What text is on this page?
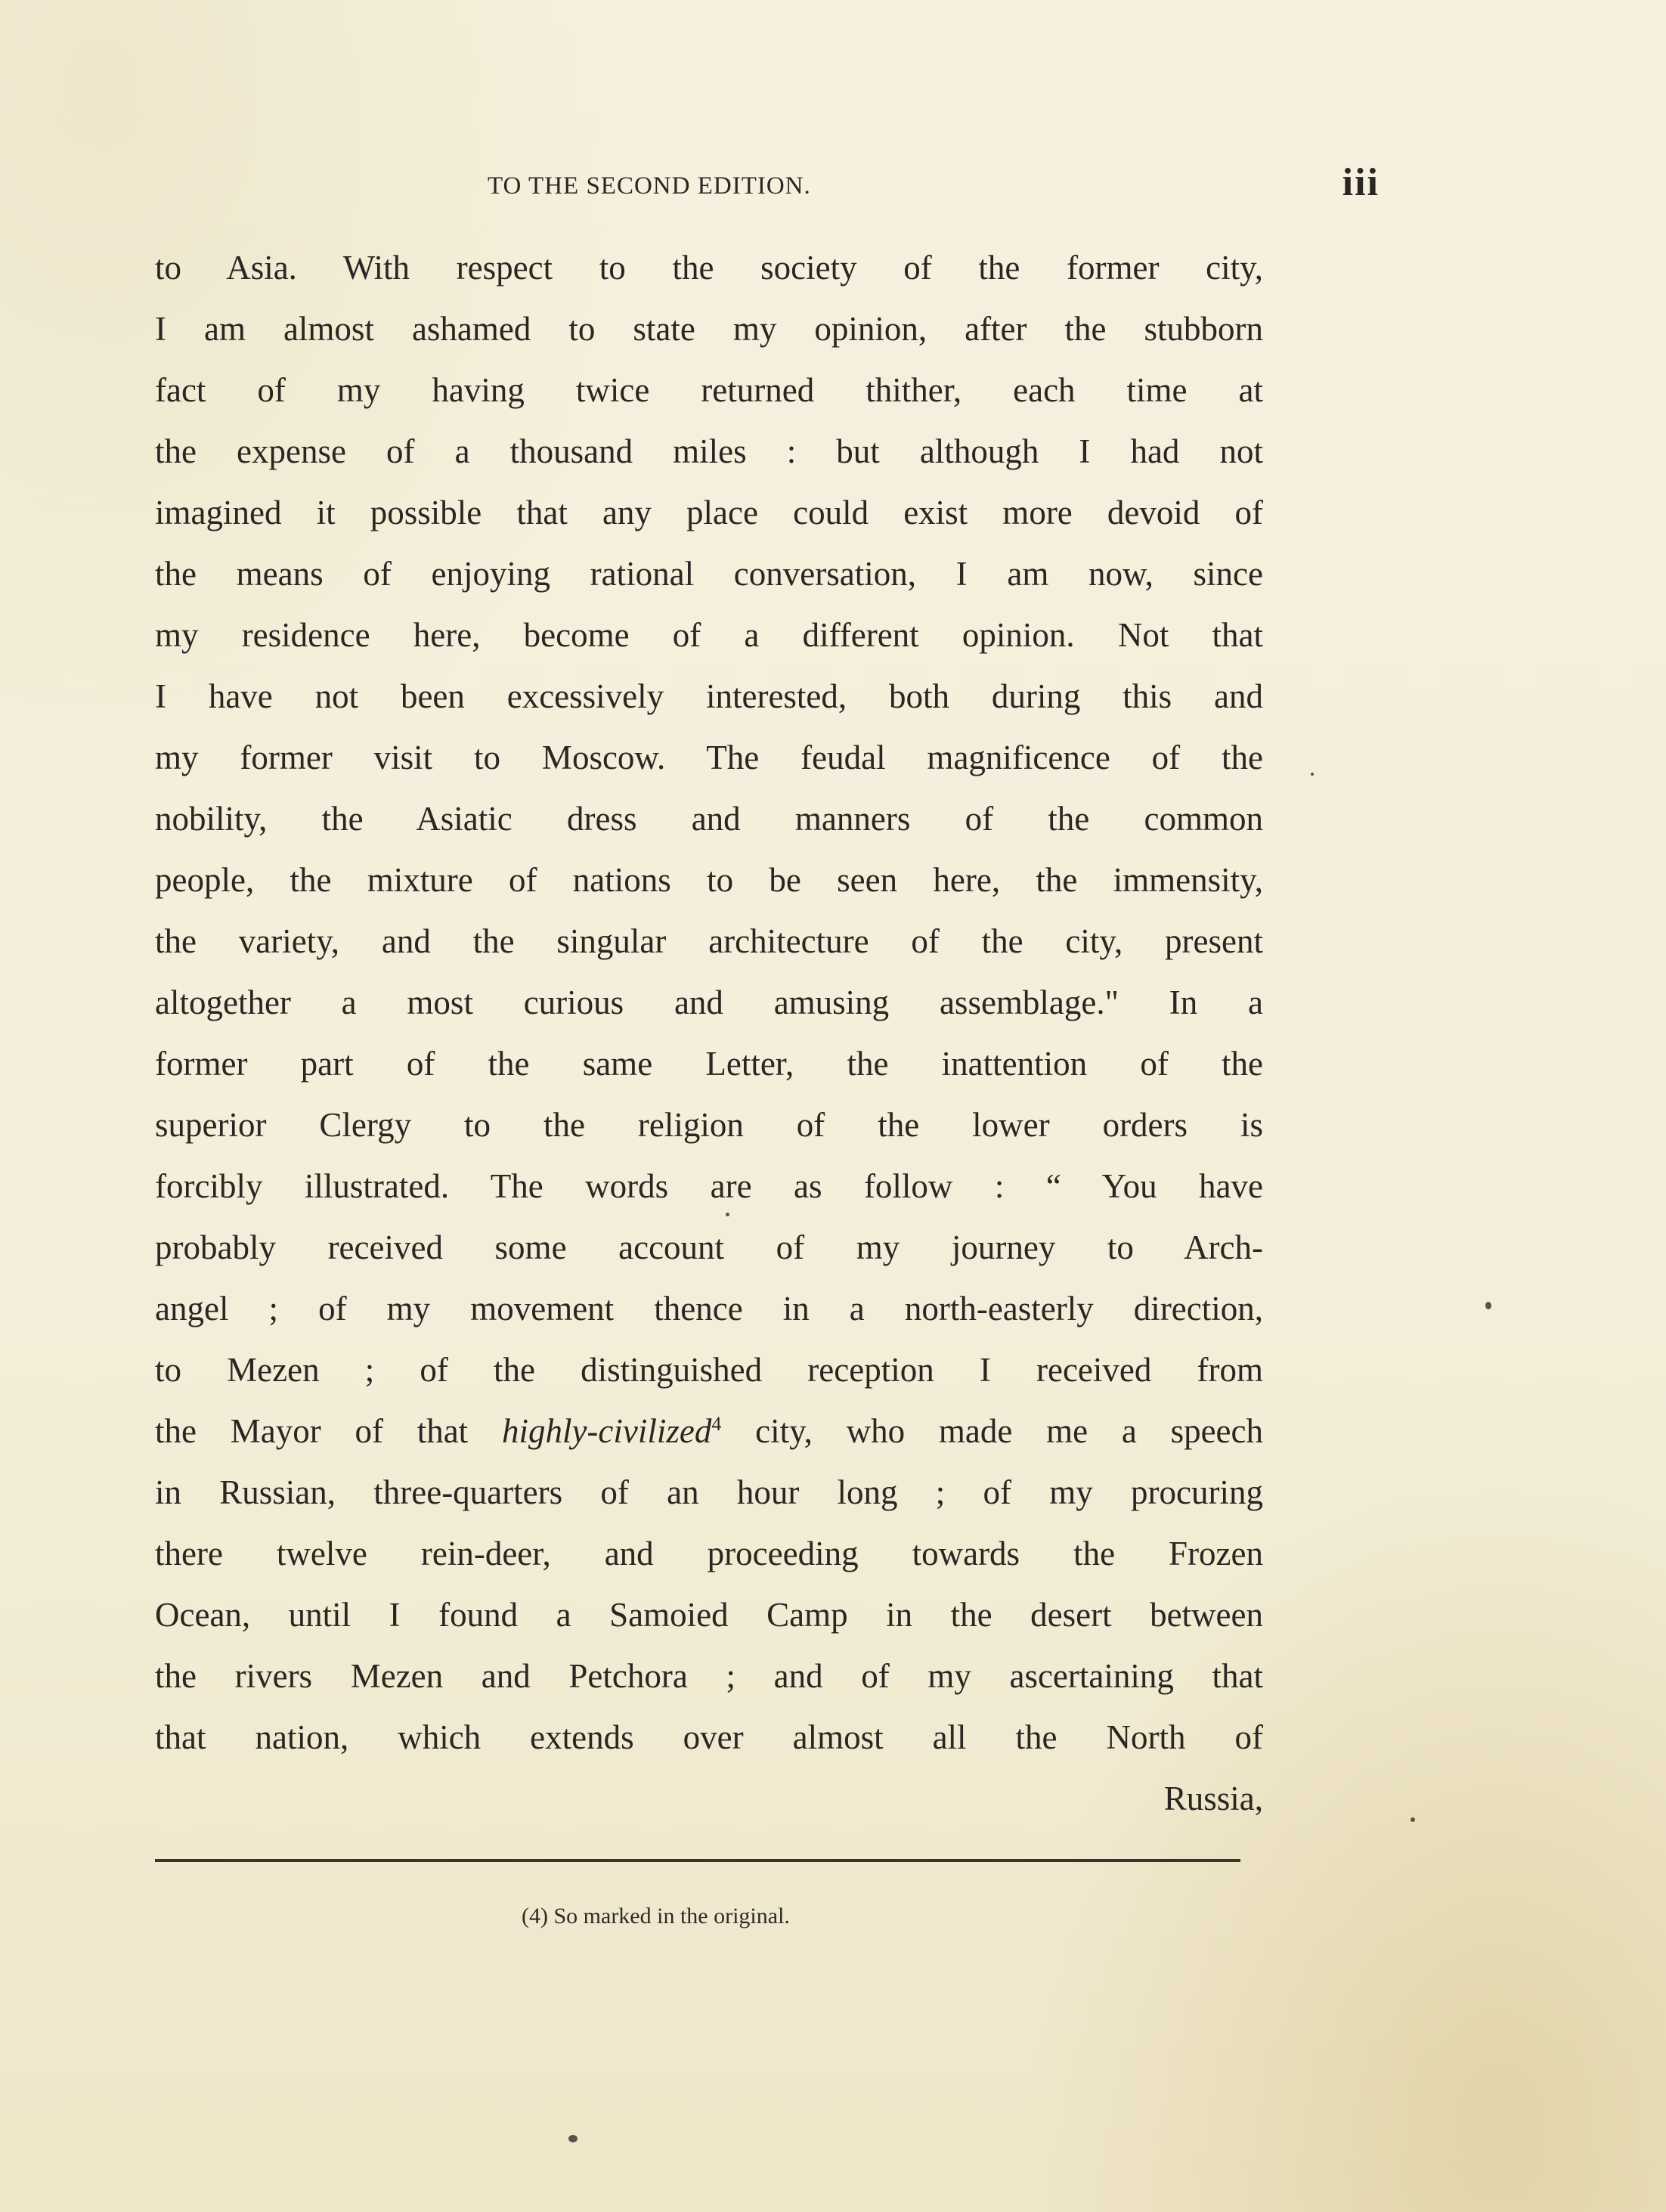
TO THE SECOND EDITION.	iii
to Asia. With respect to the society of the former city,
I am almost ashamed to state my opinion, after the stubborn
fact of my having twice returned thither, each time at
the expense of a thousand miles : but although I had not
imagined it possible that any place could exist more devoid of
the means of enjoying rational conversation, I am now, since
my residence here, become of a different opinion. Not that
I have not been excessively interested, both during this and
my former visit to Moscow. The feudal magnificence of the
nobility, the Asiatic dress and manners of the common
people, the mixture of nations to be seen here, the immensity,
the variety, and the singular architecture of the city, present
altogether a most curious and amusing assemblage." In a
former part of the same Letter, the inattention of the
superior Clergy to the religion of the lower orders is
forcibly illustrated. The words are as follow : “ You have
probably received some account of my journey to Arch-
angel ; of my movement thence in a north-easterly direction,
to Mezen ; of the distinguished reception I received from
the Mayor of that highly-civilized$^4$ city, who made me a speech
in Russian, three-quarters of an hour long ; of my procuring
there twelve rein-deer, and proceeding towards the Frozen
Ocean, until I found a Samoied Camp in the desert between
the rivers Mezen and Petchora ; and of my ascertaining that
that nation, which extends over almost all the North of
Russia,
(4) So marked in the original.
